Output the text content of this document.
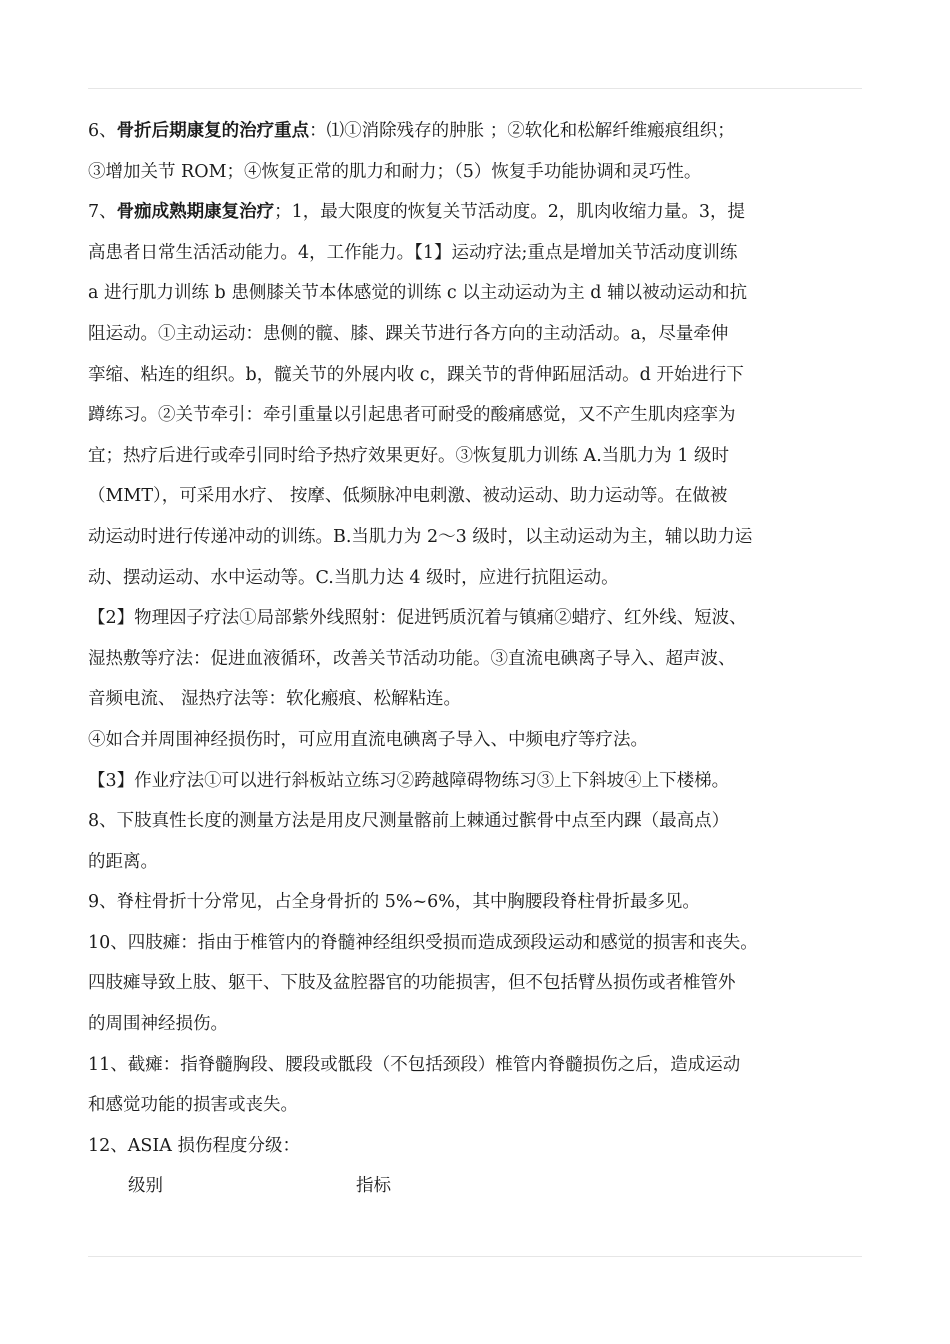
6、骨折后期康复的治疗重点：⑴①消除残存的肿胀 ；②软化和松解纤维瘢痕组织；
③增加关节 ROM；④恢复正常的肌力和耐力；（5）恢复手功能协调和灵巧性。
7、骨痂成熟期康复治疗；1，最大限度的恢复关节活动度。2，肌肉收缩力量。3，提
高患者日常生活活动能力。4，工作能力。【1】运动疗法;重点是增加关节活动度训练
a 进行肌力训练 b 患侧膝关节本体感觉的训练 c 以主动运动为主 d 辅以被动运动和抗
阻运动。①主动运动：患侧的髋、膝、踝关节进行各方向的主动活动。a，尽量牵伸
挛缩、粘连的组织。b，髋关节的外展内收 c，踝关节的背伸跖屈活动。d 开始进行下
蹲练习。②关节牵引：牵引重量以引起患者可耐受的酸痛感觉，又不产生肌肉痉挛为
宜；热疗后进行或牵引同时给予热疗效果更好。③恢复肌力训练 A.当肌力为 1 级时
（MMT），可采用水疗、 按摩、低频脉冲电刺激、被动运动、助力运动等。在做被
动运动时进行传递冲动的训练。B.当肌力为 2～3 级时，以主动运动为主，辅以助力运
动、摆动运动、水中运动等。C.当肌力达 4 级时，应进行抗阻运动。
【2】物理因子疗法①局部紫外线照射：促进钙质沉着与镇痛②蜡疗、红外线、短波、
湿热敷等疗法：促进血液循环，改善关节活动功能。③直流电碘离子导入、超声波、
音频电流、 湿热疗法等：软化瘢痕、松解粘连。
④如合并周围神经损伤时，可应用直流电碘离子导入、中频电疗等疗法。
【3】作业疗法①可以进行斜板站立练习②跨越障碍物练习③上下斜坡④上下楼梯。
8、下肢真性长度的测量方法是用皮尺测量髂前上棘通过髌骨中点至内踝（最高点）
的距离。
9、脊柱骨折十分常见，占全身骨折的 5%~6%，其中胸腰段脊柱骨折最多见。
10、四肢瘫：指由于椎管内的脊髓神经组织受损而造成颈段运动和感觉的损害和丧失。
四肢瘫导致上肢、躯干、下肢及盆腔器官的功能损害，但不包括臂丛损伤或者椎管外
的周围神经损伤。
11、截瘫：指脊髓胸段、腰段或骶段（不包括颈段）椎管内脊髓损伤之后，造成运动
和感觉功能的损害或丧失。
12、ASIA 损伤程度分级：
级别	指标
